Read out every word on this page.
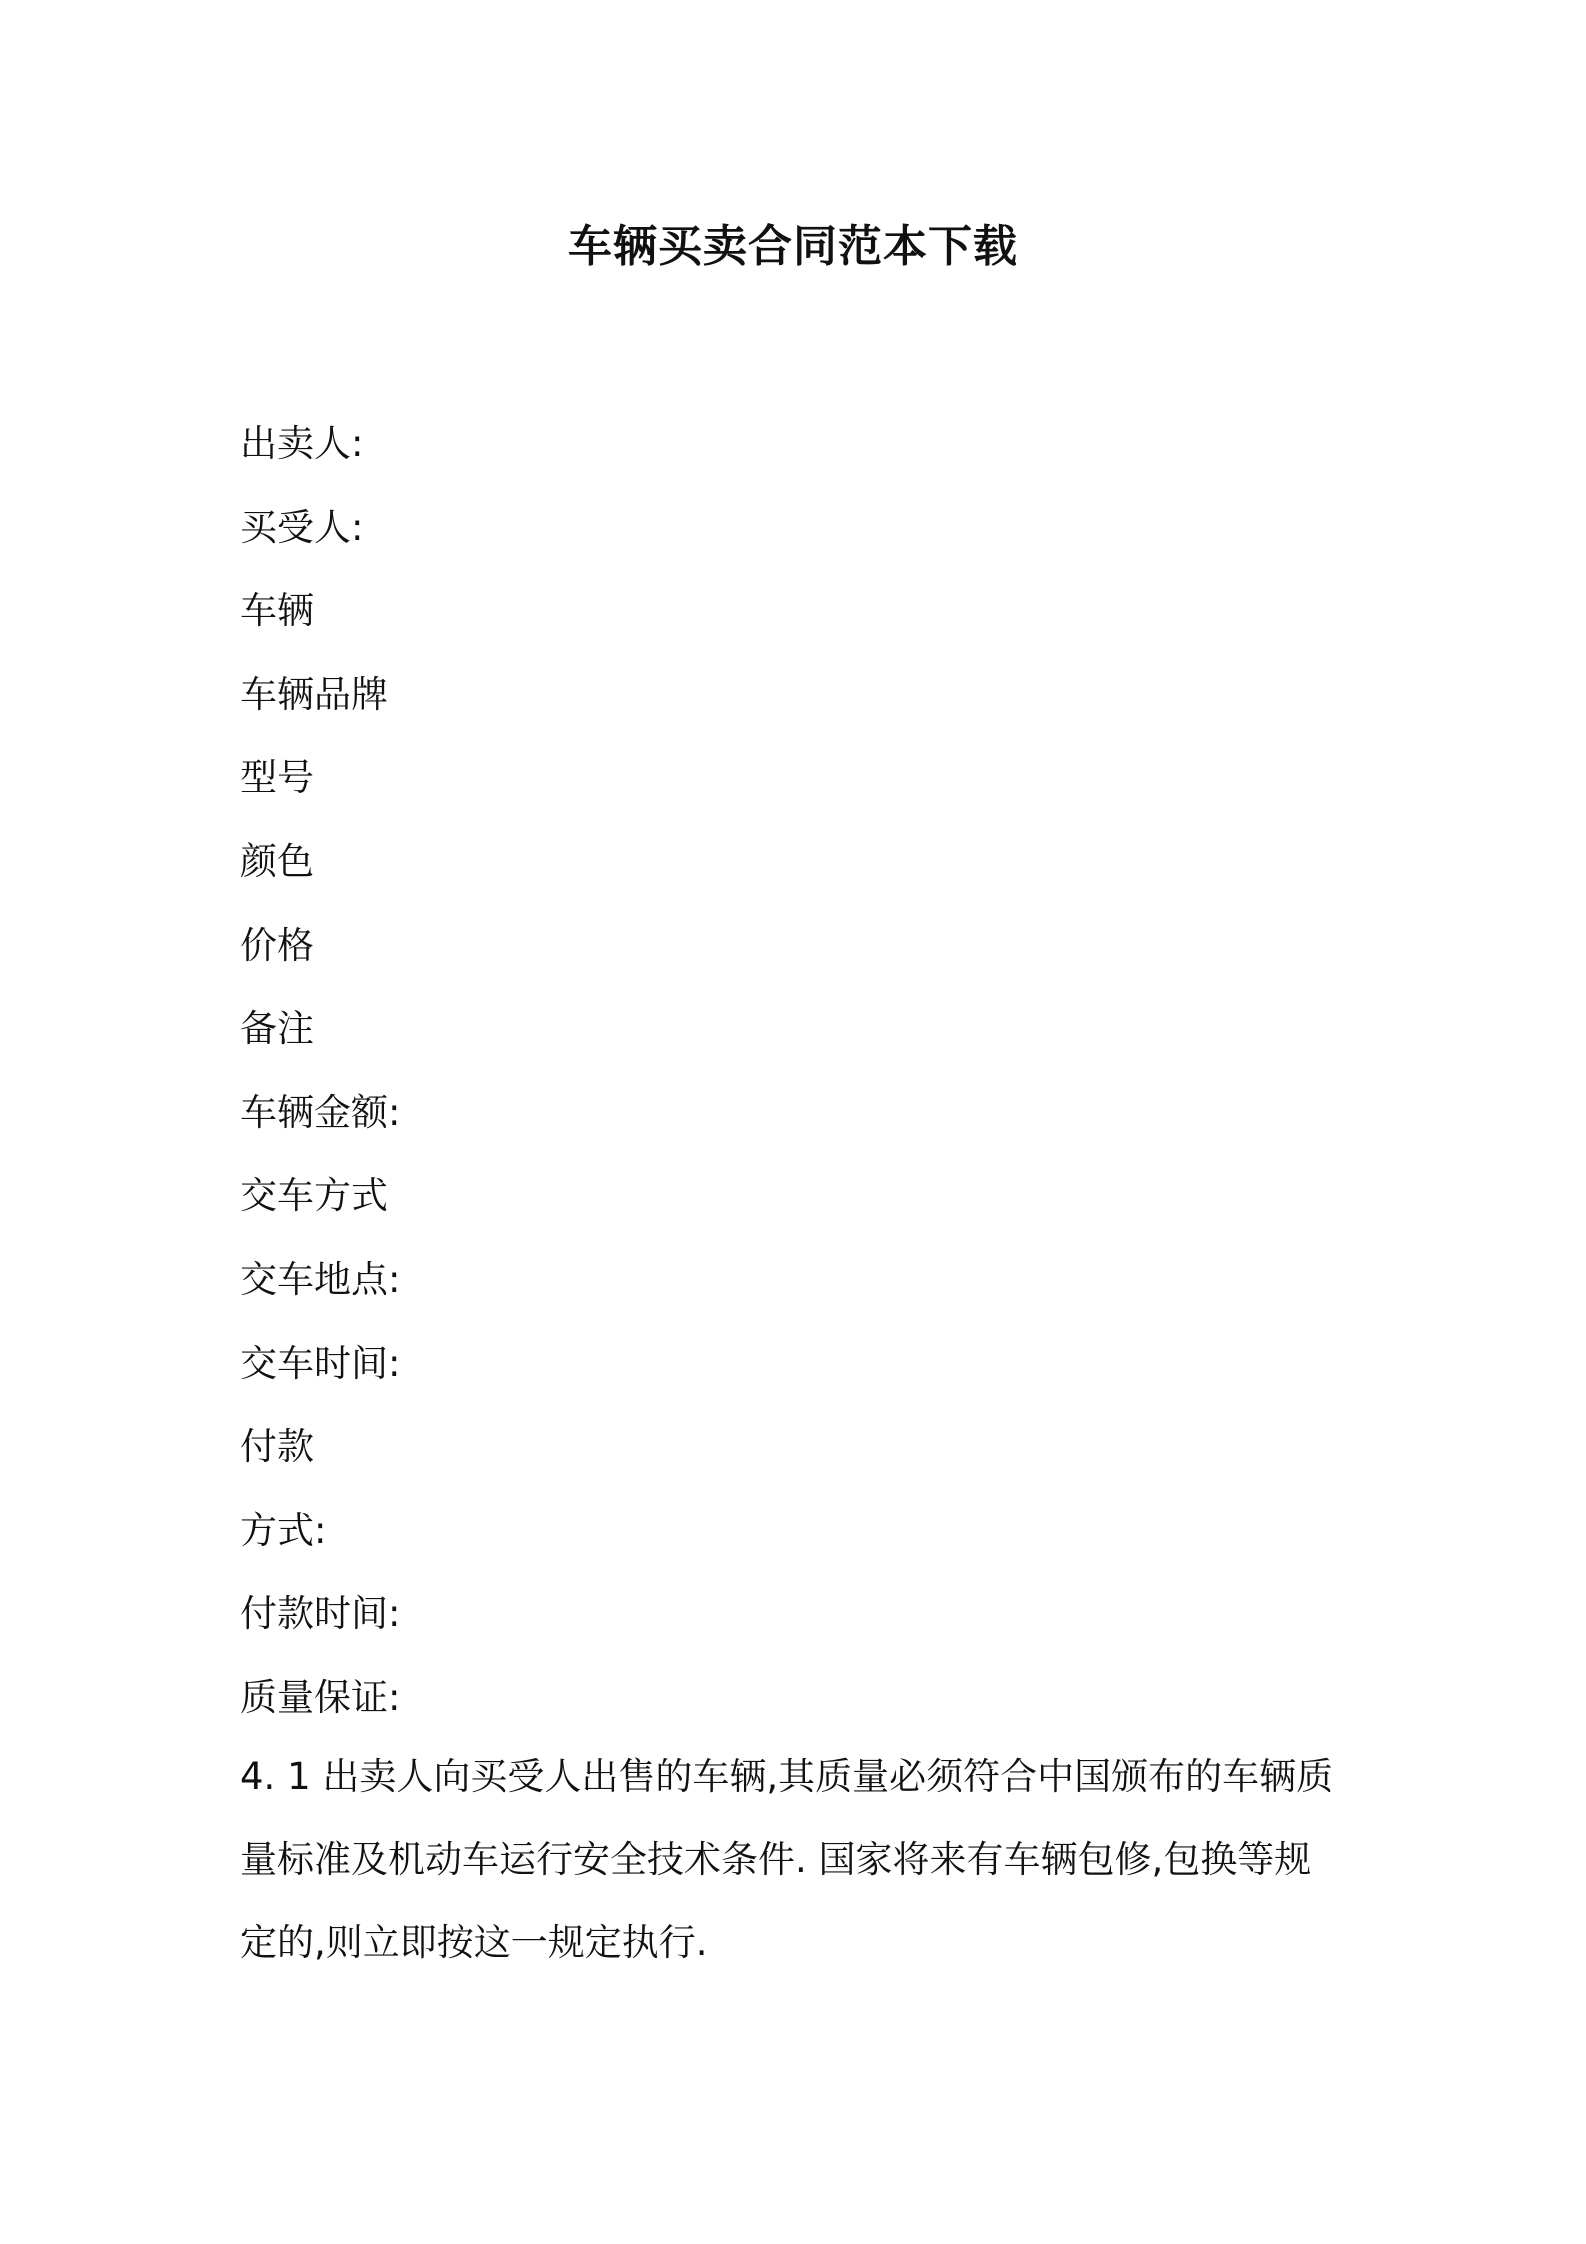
车辆买卖合同范本下载
出卖人:
买受人:
车辆
车辆品牌
型号
颜色
价格
备注
车辆金额:
交车方式
交车地点:
交车时间:
付款
方式:
付款时间:
质量保证:
4. 1 出卖人向买受人出售的车辆,其质量必须符合中国颁布的车辆质
量标准及机动车运行安全技术条件. 国家将来有车辆包修,包换等规
定的,则立即按这一规定执行.
